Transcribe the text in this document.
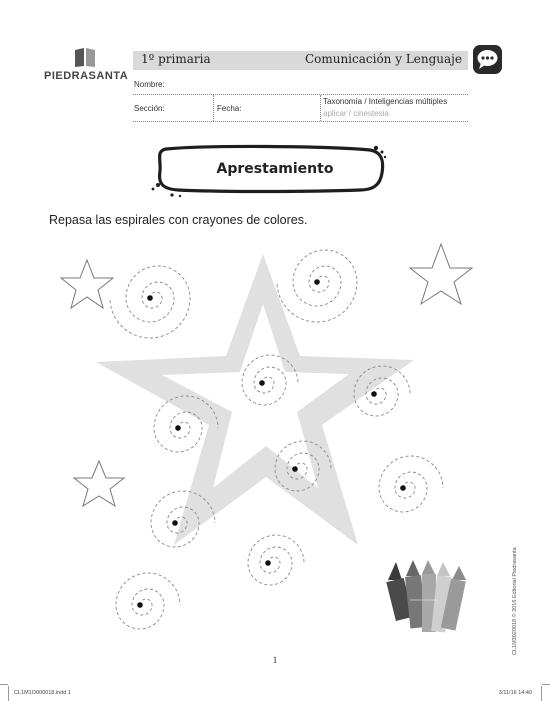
PIEDRASANTA
1º primaria	Comunicación y Lenguaje
Nombre:
Sección:	Fecha:
Taxonomía / Inteligencias múltiples
aplicar / cinestesia
Aprestamiento
Repasa las espirales con crayones de colores.
CL1M3020018 © 2016 Editorial Piedrasanta
1
CL1M1O000018.indd 1	3/11/16 14:40
